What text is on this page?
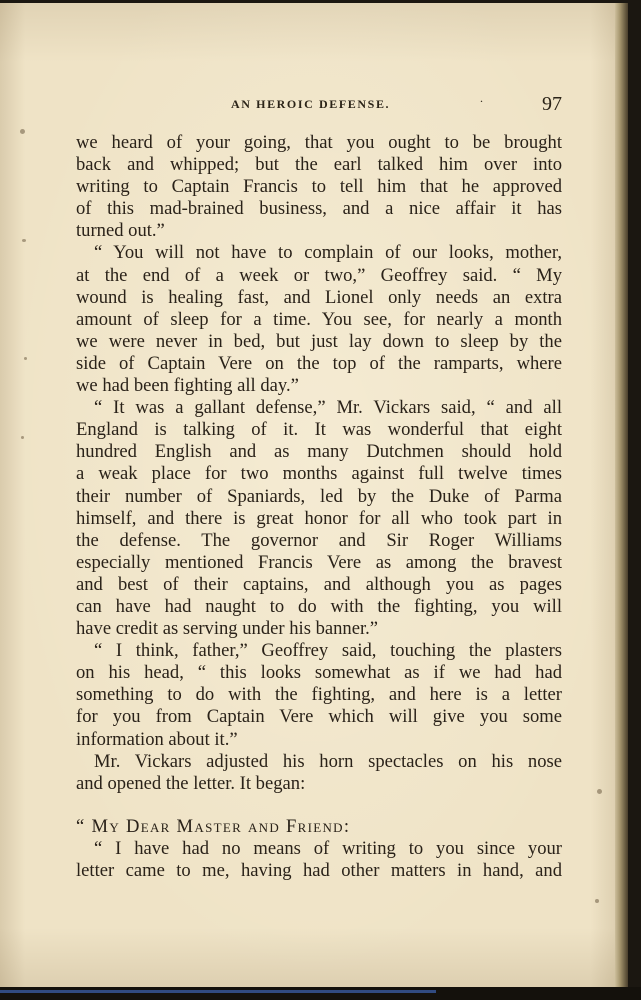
AN HEROIC DEFENSE.	.	97
we heard of your going, that you ought to be brought
back and whipped; but the earl talked him over into
writing to Captain Francis to tell him that he approved
of this mad-brained business, and a nice affair it has
turned out.”
“ You will not have to complain of our looks, mother,
at the end of a week or two,” Geoffrey said. “ My
wound is healing fast, and Lionel only needs an extra
amount of sleep for a time. You see, for nearly a month
we were never in bed, but just lay down to sleep by the
side of Captain Vere on the top of the ramparts, where
we had been fighting all day.”
“ It was a gallant defense,” Mr. Vickars said, “ and all
England is talking of it. It was wonderful that eight
hundred English and as many Dutchmen should hold
a weak place for two months against full twelve times
their number of Spaniards, led by the Duke of Parma
himself, and there is great honor for all who took part in
the defense. The governor and Sir Roger Williams
especially mentioned Francis Vere as among the bravest
and best of their captains, and although you as pages
can have had naught to do with the fighting, you will
have credit as serving under his banner.”
“ I think, father,” Geoffrey said, touching the plasters
on his head, “ this looks somewhat as if we had had
something to do with the fighting, and here is a letter
for you from Captain Vere which will give you some
information about it.”
Mr. Vickars adjusted his horn spectacles on his nose
and opened the letter. It began:
“ My Dear Master and Friend:
“ I have had no means of writing to you since your
letter came to me, having had other matters in hand, and
